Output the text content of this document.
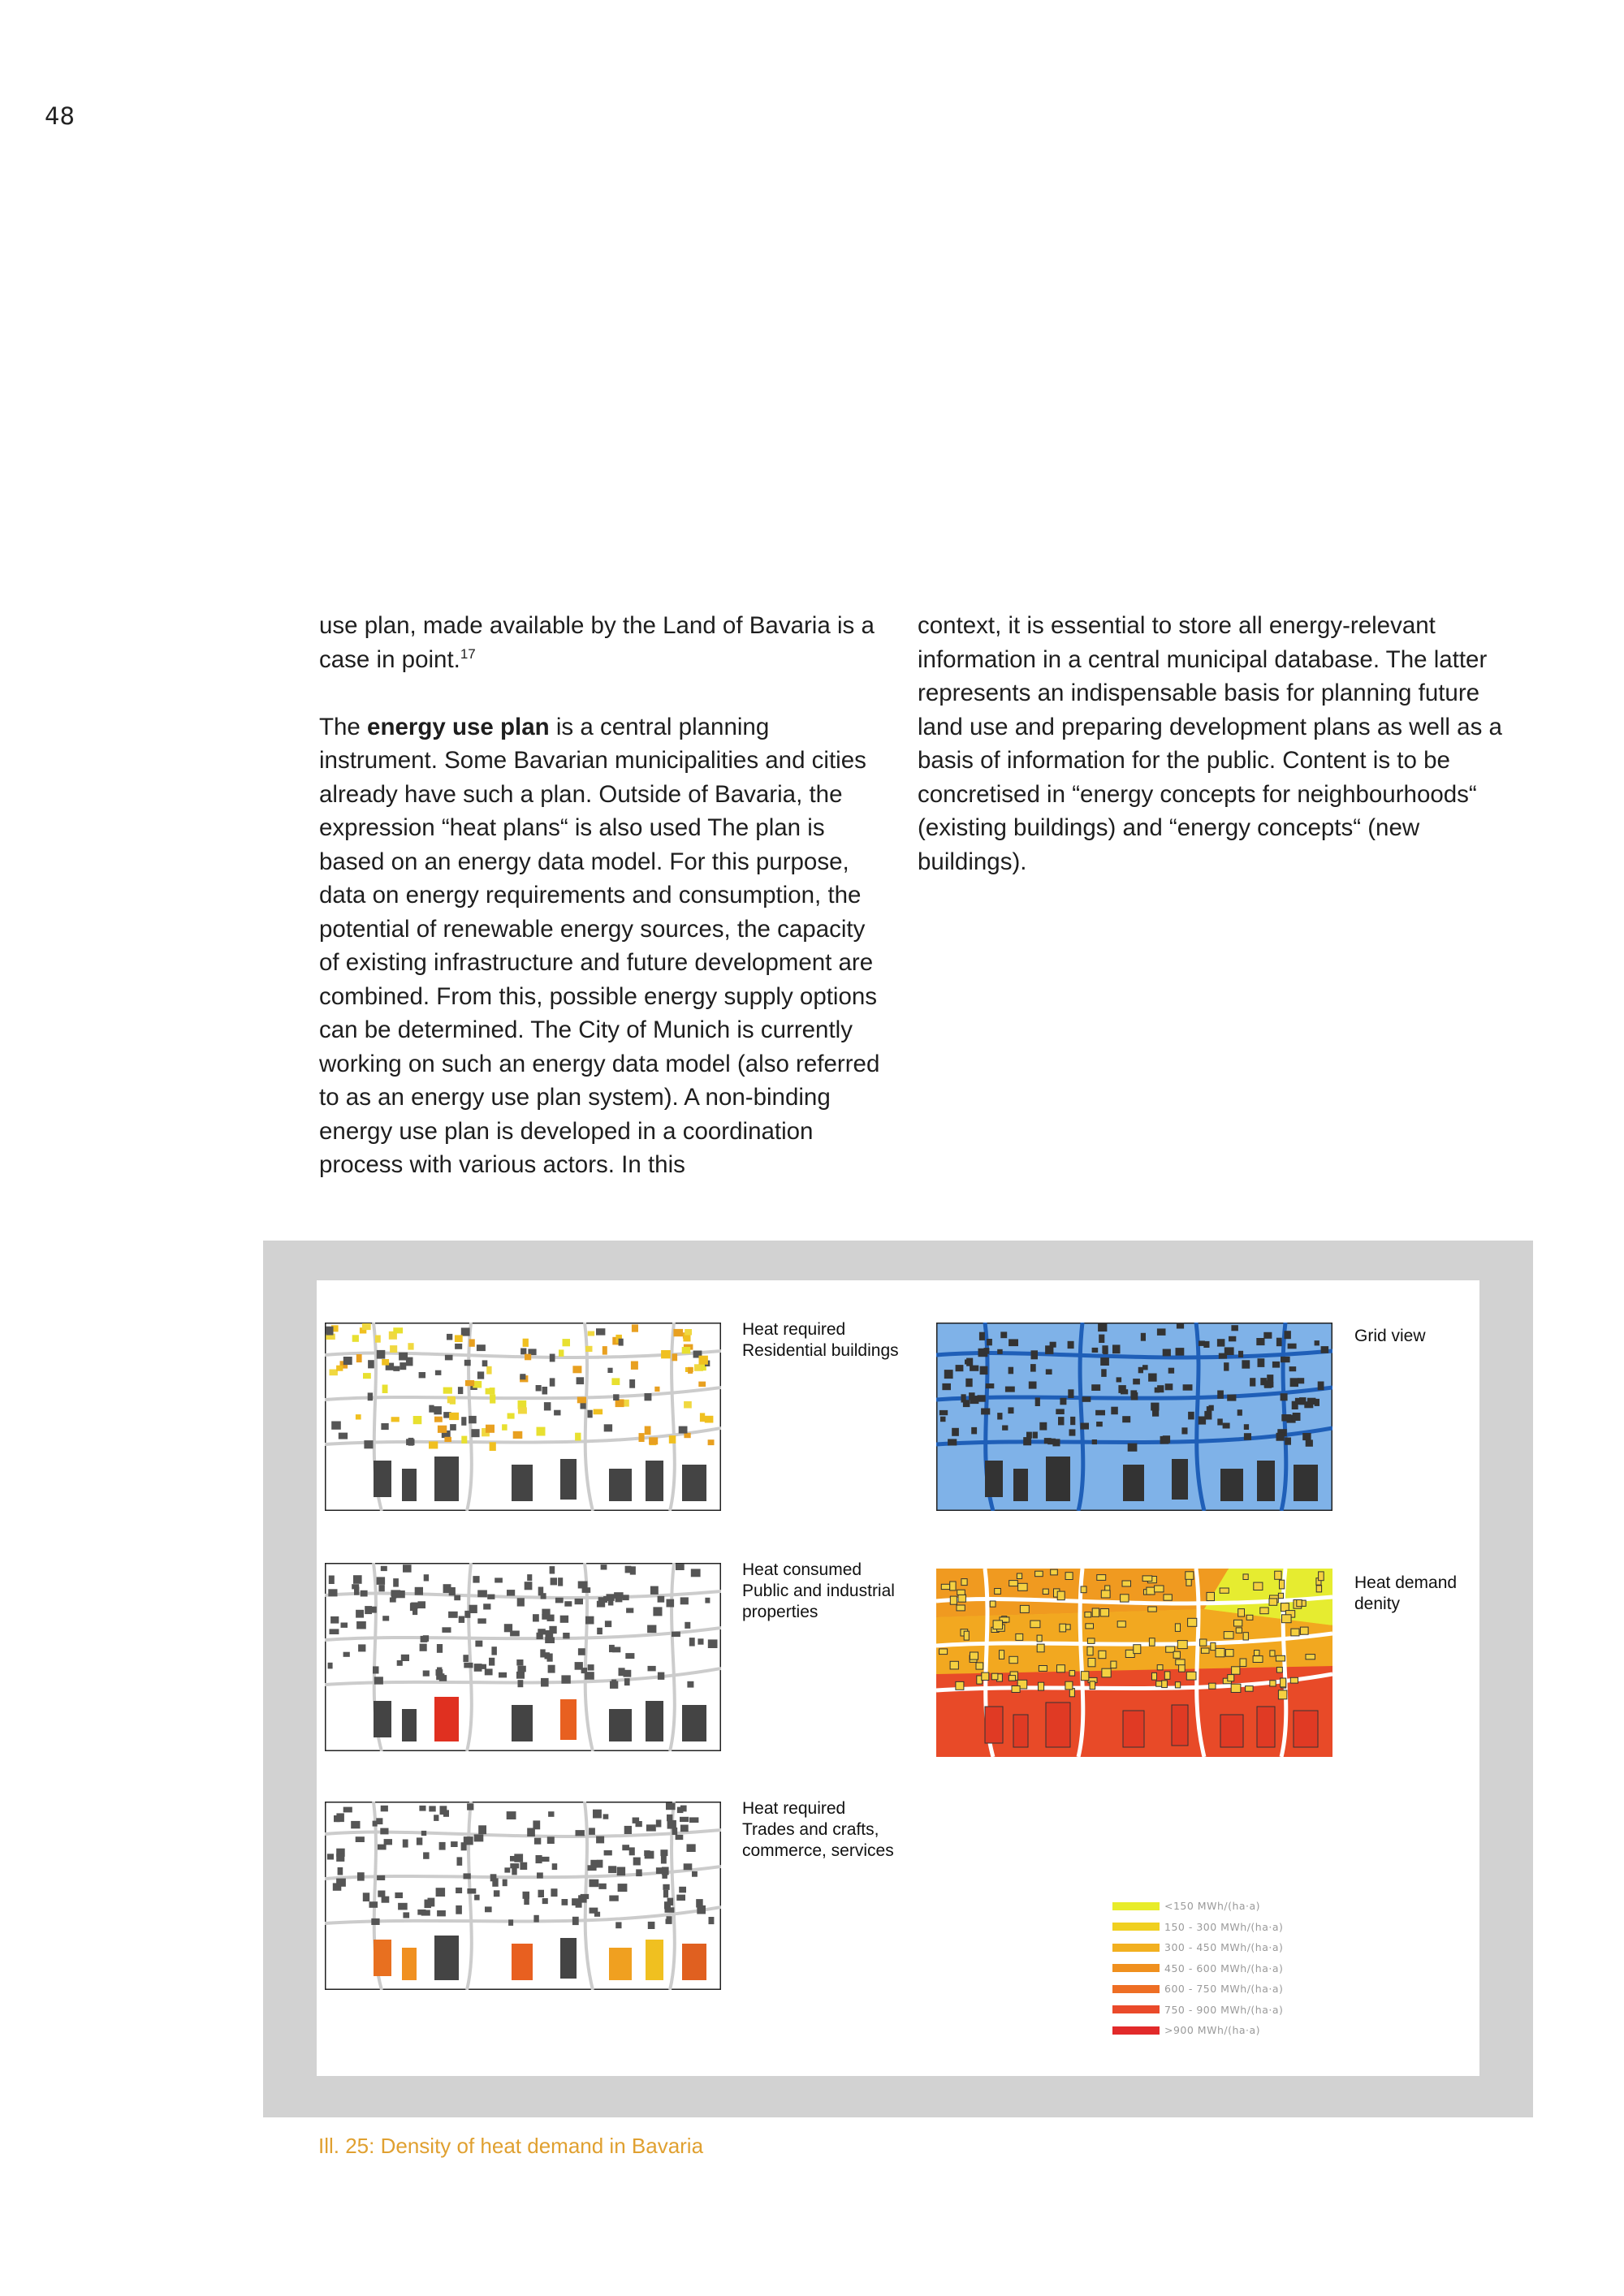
48

use plan, made available by the Land of Bavaria is a case in point.$^{17}$

The energy use plan is a central planning instrument. Some Bavarian municipalities and cities already have such a plan. Outside of Bavaria, the expression “heat plans“ is also used The plan is based on an energy data model. For this purpose, data on energy requirements and consumption, the potential of renewable energy sources, the capacity of existing infrastructure and future development are combined. From this, possible energy supply options can be determined. The City of Munich is currently working on such an energy data model (also referred to as an energy use plan system). A non-binding energy use plan is developed in a coordination process with various actors. In this

context, it is essential to store all energy-relevant information in a central municipal database. The latter represents an indispensable basis for planning future land use and preparing development plans as well as a basis of information for the public. Content is to be concretised in “energy concepts for neighbourhoods“ (existing buildings) and “energy concepts“ (new buildings).

Heat required
Residential buildings
Heat consumed
Public and industrial
properties
Heat required
Trades and crafts,
commerce, services
Grid view
Heat demand
denity
<150 MWh/(ha·a)
150 - 300 MWh/(ha·a)
300 - 450 MWh/(ha·a)
450 - 600 MWh/(ha·a)
600 - 750 MWh/(ha·a)
750 - 900 MWh/(ha·a)
>900 MWh/(ha·a)
Ill. 25: Density of heat demand in Bavaria
